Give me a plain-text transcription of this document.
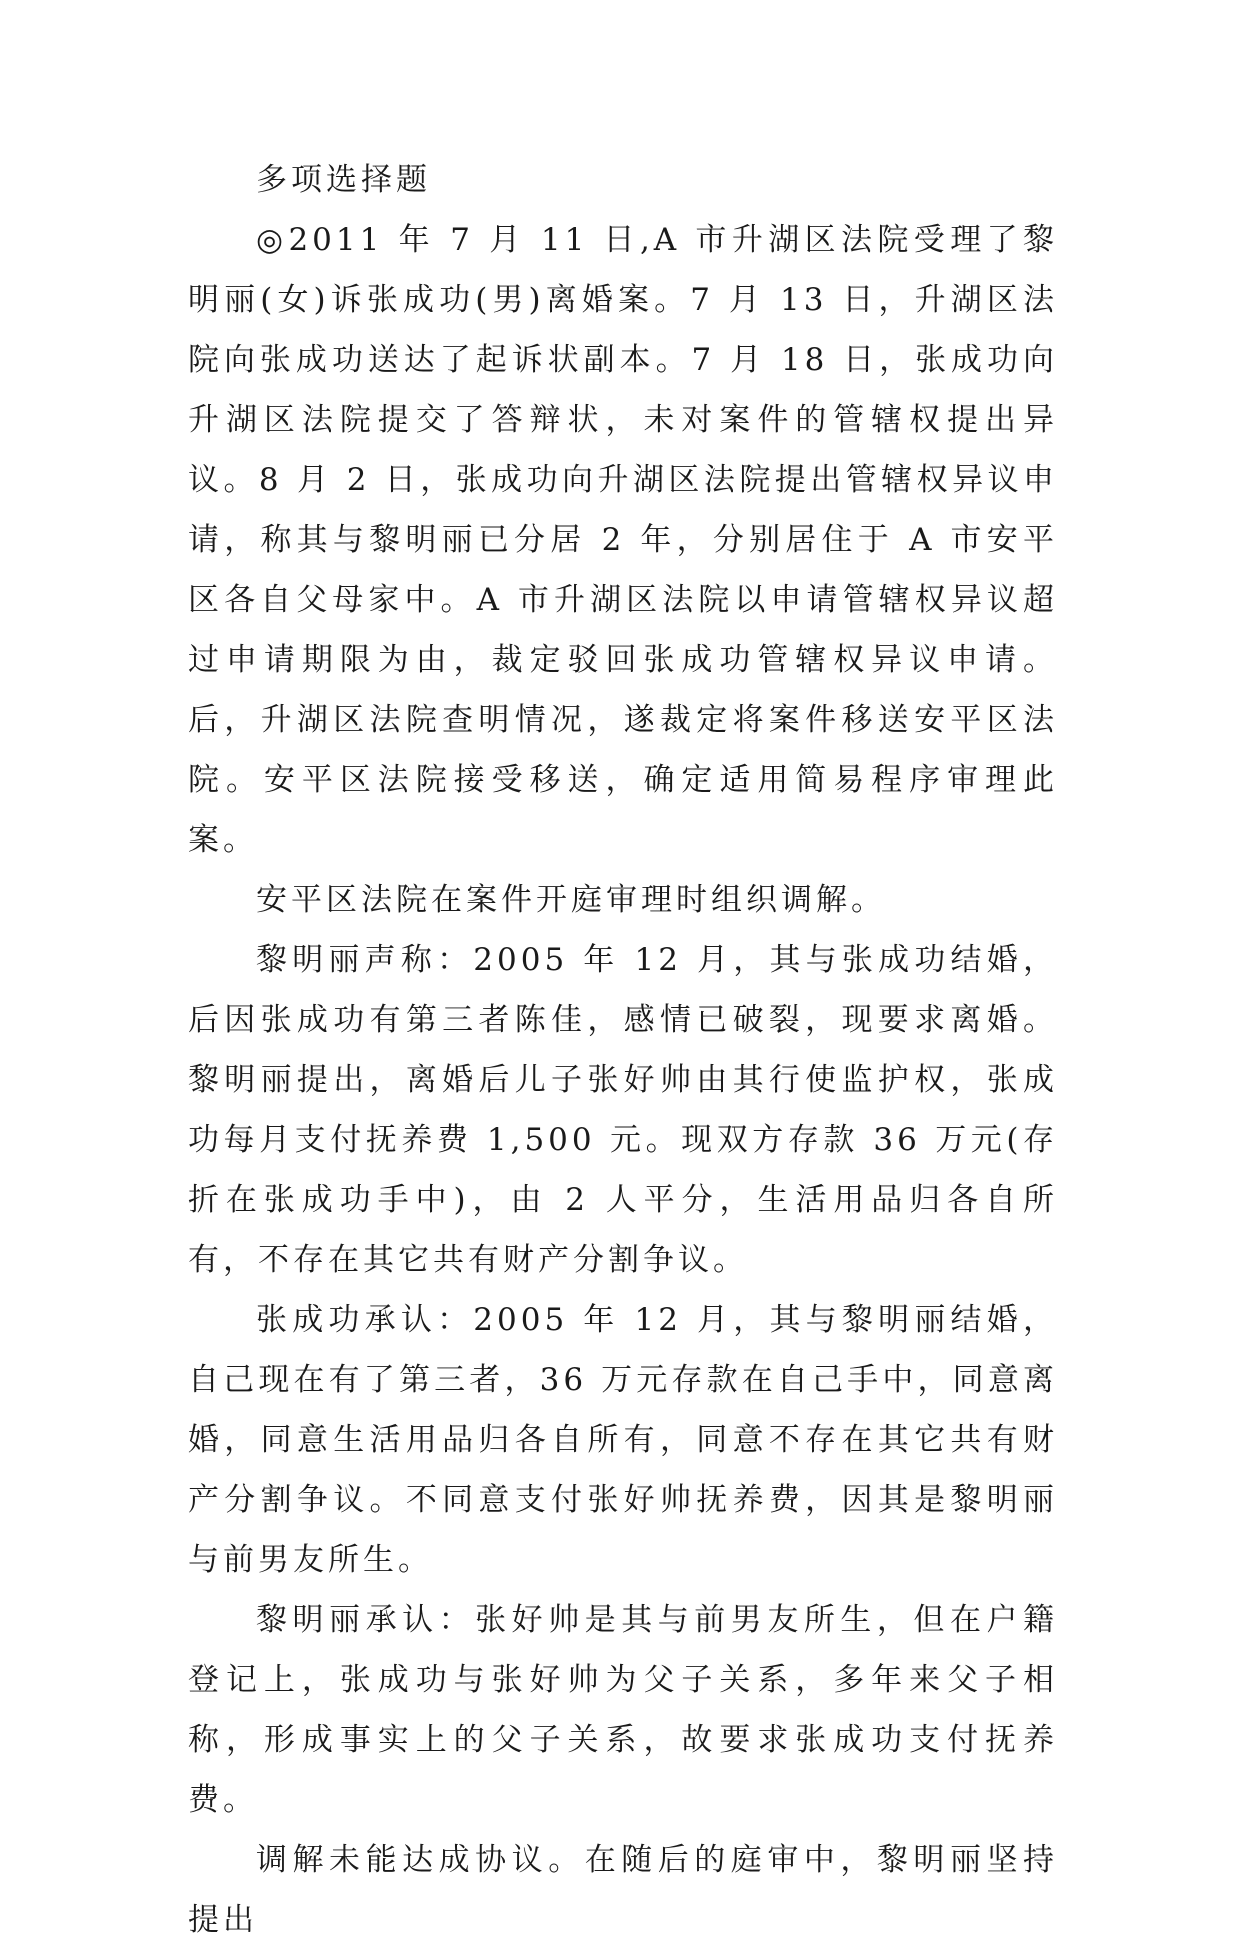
多项选择题

◎2011 年 7 月 11 日,A 市升湖区法院受理了黎明丽(女)诉张成功(男)离婚案。7 月 13 日，升湖区法院向张成功送达了起诉状副本。7 月 18 日，张成功向升湖区法院提交了答辩状，未对案件的管辖权提出异议。8 月 2 日，张成功向升湖区法院提出管辖权异议申请，称其与黎明丽已分居 2 年，分别居住于 A 市安平区各自父母家中。A 市升湖区法院以申请管辖权异议超过申请期限为由，裁定驳回张成功管辖权异议申请。后，升湖区法院查明情况，遂裁定将案件移送安平区法院。安平区法院接受移送，确定适用简易程序审理此案。

安平区法院在案件开庭审理时组织调解。

黎明丽声称：2005 年 12 月，其与张成功结婚，后因张成功有第三者陈佳，感情已破裂，现要求离婚。黎明丽提出，离婚后儿子张好帅由其行使监护权，张成功每月支付抚养费 1,500 元。现双方存款 36 万元(存折在张成功手中)，由 2 人平分，生活用品归各自所有，不存在其它共有财产分割争议。

张成功承认：2005 年 12 月，其与黎明丽结婚，自己现在有了第三者，36 万元存款在自己手中，同意离婚，同意生活用品归各自所有，同意不存在其它共有财产分割争议。不同意支付张好帅抚养费，因其是黎明丽与前男友所生。

黎明丽承认：张好帅是其与前男友所生，但在户籍登记上，张成功与张好帅为父子关系，多年来父子相称，形成事实上的父子关系，故要求张成功支付抚养费。

调解未能达成协议。在随后的庭审中，黎明丽坚持提出
